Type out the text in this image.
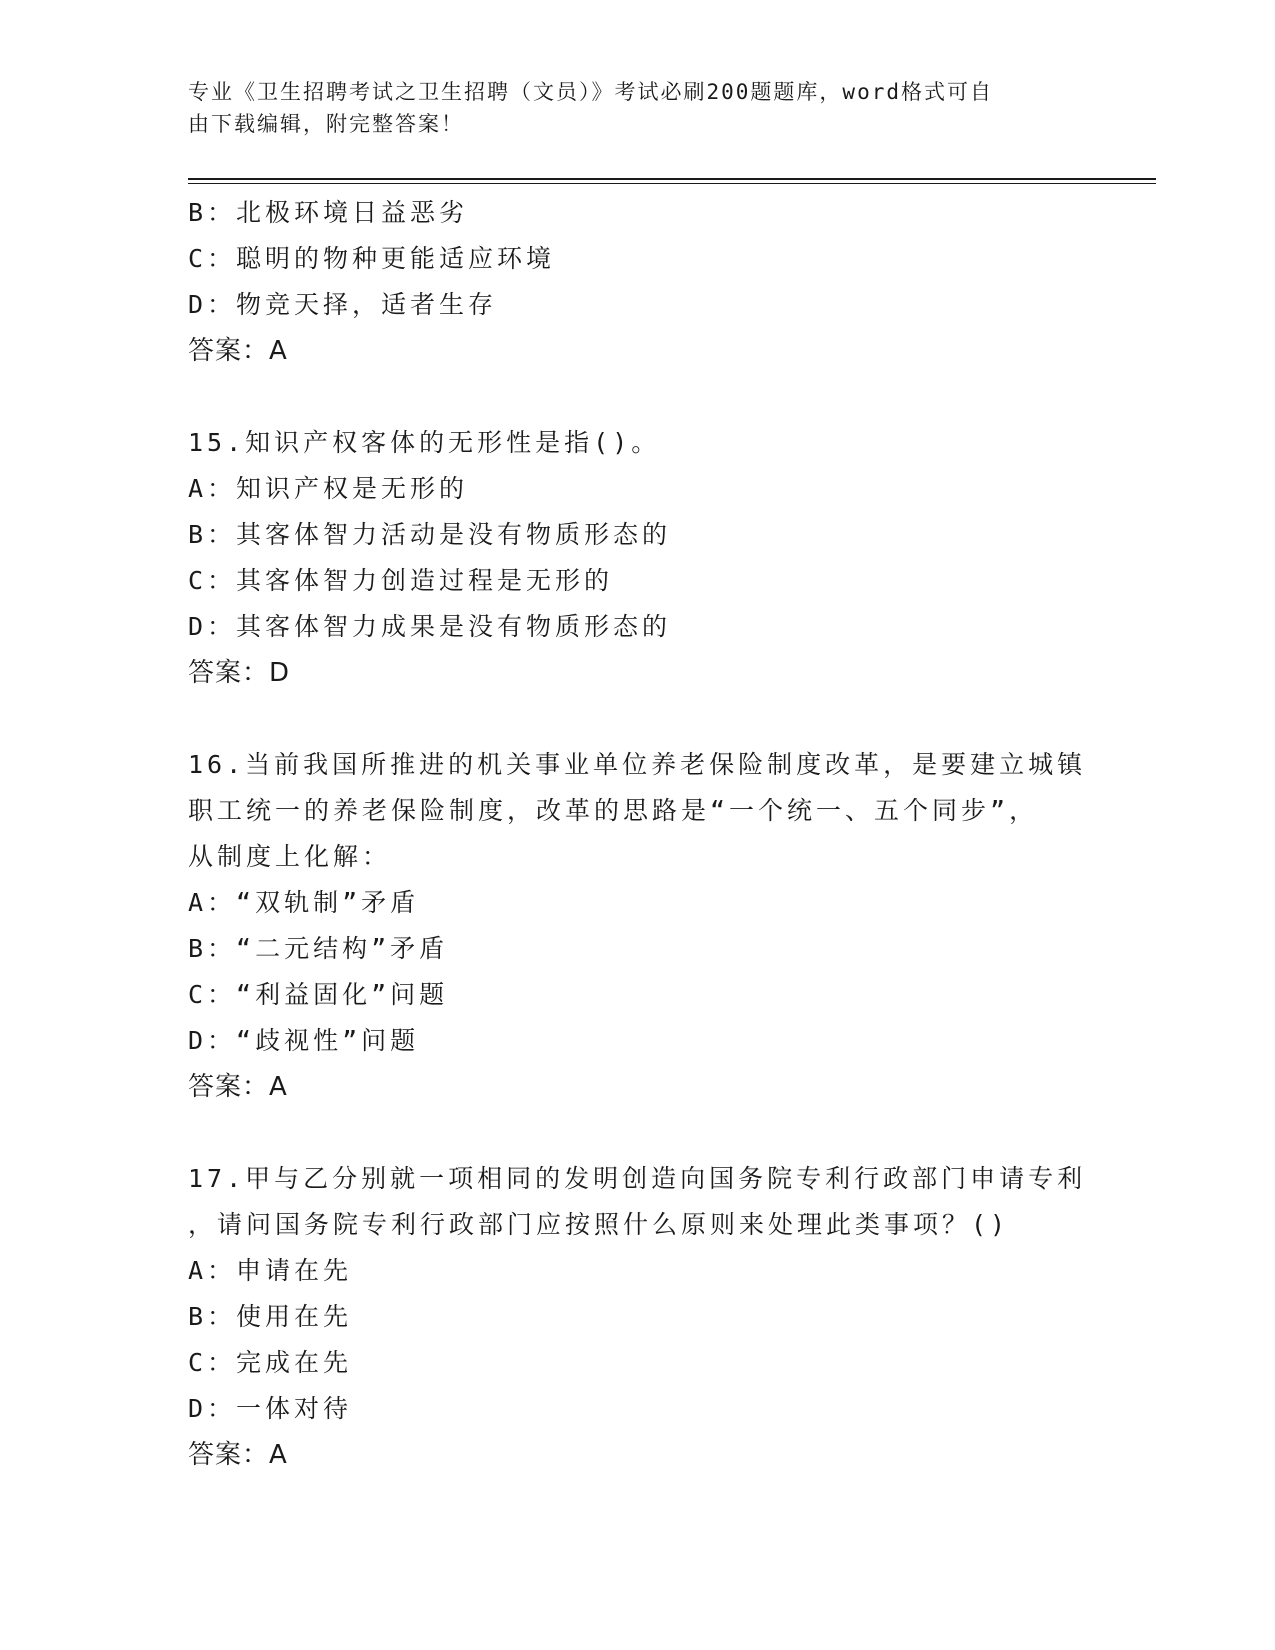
专业《卫生招聘考试之卫生招聘（文员）》考试必刷200题题库，word格式可自
由下载编辑，附完整答案！
B：北极环境日益恶劣
C：聪明的物种更能适应环境
D：物竞天择，适者生存
答案：A
15.知识产权客体的无形性是指()。
A：知识产权是无形的
B：其客体智力活动是没有物质形态的
C：其客体智力创造过程是无形的
D：其客体智力成果是没有物质形态的
答案：D
16.当前我国所推进的机关事业单位养老保险制度改革，是要建立城镇
职工统一的养老保险制度，改革的思路是“一个统一、五个同步”，
从制度上化解：
A：“双轨制”矛盾
B：“二元结构”矛盾
C：“利益固化”问题
D：“歧视性”问题
答案：A
17.甲与乙分别就一项相同的发明创造向国务院专利行政部门申请专利
，请问国务院专利行政部门应按照什么原则来处理此类事项？()
A：申请在先
B：使用在先
C：完成在先
D：一体对待
答案：A
